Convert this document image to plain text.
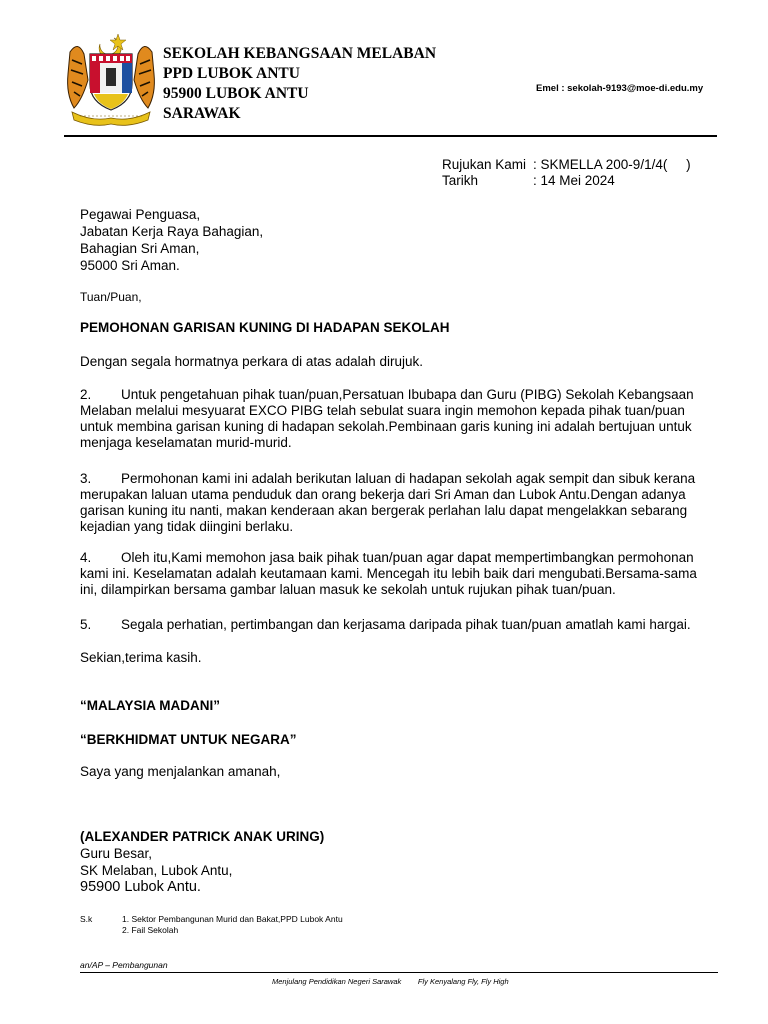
SEKOLAH KEBANGSAAN MELABAN
PPD LUBOK ANTU
95900 LUBOK ANTU
SARAWAK
Emel : sekolah-9193@moe-di.edu.my
Rujukan Kami : SKMELLA 200-9/1/4(     )
Tarikh	: 14 Mei 2024
Pegawai Penguasa,
Jabatan Kerja Raya Bahagian,
Bahagian Sri Aman,
95000 Sri Aman.
Tuan/Puan,
PEMOHONAN GARISAN KUNING DI HADAPAN SEKOLAH
Dengan segala hormatnya perkara di atas adalah dirujuk.
2. Untuk pengetahuan pihak tuan/puan,Persatuan Ibubapa dan Guru (PIBG) Sekolah Kebangsaan
Melaban melalui mesyuarat EXCO PIBG telah sebulat suara ingin memohon kepada pihak tuan/puan
untuk membina garisan kuning di hadapan sekolah.Pembinaan garis kuning ini adalah bertujuan untuk
menjaga keselamatan murid-murid.
3. Permohonan kami ini adalah berikutan laluan di hadapan sekolah agak sempit dan sibuk kerana
merupakan laluan utama penduduk dan orang bekerja dari Sri Aman dan Lubok Antu.Dengan adanya
garisan kuning itu nanti, makan kenderaan akan bergerak perlahan lalu dapat mengelakkan sebarang
kejadian yang tidak diingini berlaku.
4. Oleh itu,Kami memohon jasa baik pihak tuan/puan agar dapat mempertimbangkan permohonan
kami ini. Keselamatan adalah keutamaan kami. Mencegah itu lebih baik dari mengubati.Bersama-sama
ini, dilampirkan bersama gambar laluan masuk ke sekolah untuk rujukan pihak tuan/puan.
5. Segala perhatian, pertimbangan dan kerjasama daripada pihak tuan/puan amatlah kami hargai.
Sekian,terima kasih.
“MALAYSIA MADANI”
“BERKHIDMAT UNTUK NEGARA”
Saya yang menjalankan amanah,
(ALEXANDER PATRICK ANAK URING)
Guru Besar,
SK Melaban, Lubok Antu,
95900 Lubok Antu.
S.k	1. Sektor Pembangunan Murid dan Bakat,PPD Lubok Antu
2. Fail Sekolah
an/AP – Pembangunan
Menjulang Pendidikan Negeri Sarawak Fly Kenyalang Fly, Fly High
